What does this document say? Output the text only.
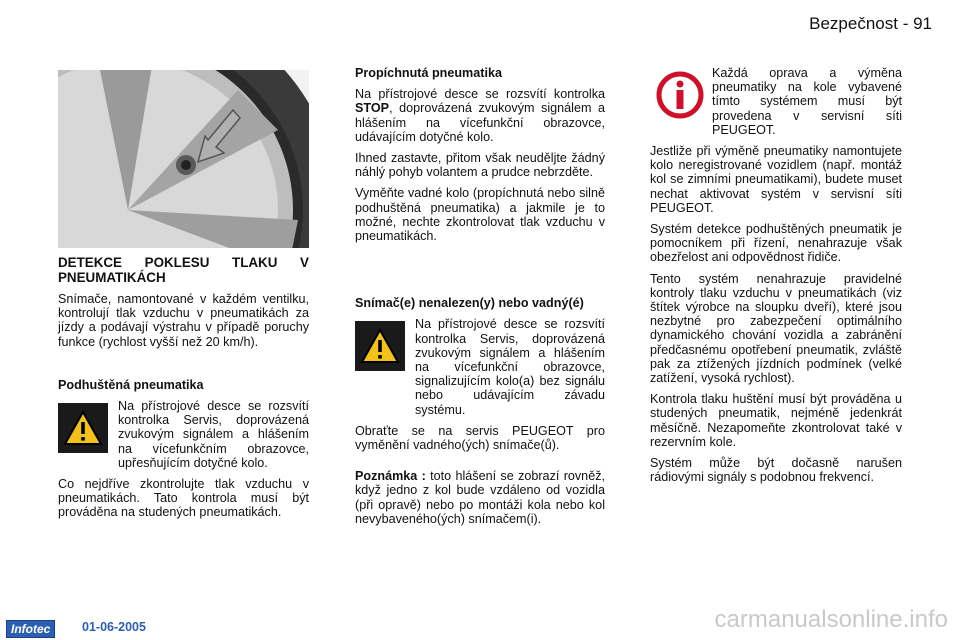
Bezpečnost - 91

DETEKCE POKLESU TLAKU V PNEUMATIKÁCH

Snímače, namontované v každém ventilku, kontrolují tlak vzduchu v pneumatikách za jízdy a podávají výstrahu v případě poruchy funkce (rychlost vyšší než 20 km/h).

Podhuštěná pneumatika

Na přístrojové desce se rozsvítí kontrolka Servis, doprovázená zvukovým signálem a hlášením na vícefunkčním obrazovce, upřesňujícím dotyčné kolo.

Co nejdříve zkontrolujte tlak vzduchu v pneumatikách. Tato kontrola musí být prováděna na studených pneumatikách.

Propíchnutá pneumatika

Na přístrojové desce se rozsvítí kontrolka STOP, doprovázená zvukovým signálem a hlášením na vícefunkční obrazovce, udávajícím dotyčné kolo.

Ihned zastavte, přitom však neuděljte žádný náhlý pohyb volantem a prudce nebrzděte.

Vyměňte vadné kolo (propíchnutá nebo silně podhuštěná pneumatika) a jakmile je to možné, nechte zkontrolovat tlak vzduchu v pneumatikách.

Snímač(e) nenalezen(y) nebo vadný(é)

Na přístrojové desce se rozsvítí kontrolka Servis, doprovázená zvukovým signálem a hlášením na vícefunkční obrazovce, signalizujícím kolo(a) bez signálu nebo udávajícím závadu systému.

Obraťte se na servis PEUGEOT pro vyměnění vadného(ých) snímače(ů).

Poznámka : toto hlášení se zobrazí rovněž, když jedno z kol bude vzdáleno od vozidla (při opravě) nebo po montáži kola nebo kol nevybaveného(ých) snímačem(i).

Každá oprava a výměna pneumatiky na kole vybavené tímto systémem musí být provedena v servisní síti PEUGEOT.

Jestliže při výměně pneumatiky namontujete kolo neregistrované vozidlem (např. montáž kol se zimními pneumatikami), budete muset nechat aktivovat systém v servisní síti PEUGEOT.

Systém detekce podhuštěných pneumatik je pomocníkem při řízení, nenahrazuje však obezřelost ani odpovědnost řidiče.

Tento systém nenahrazuje pravidelné kontroly tlaku vzduchu v pneumatikách (viz štítek výrobce na sloupku dveří), které jsou nezbytné pro zabezpečení optimálního dynamického chování vozidla a zabránění předčasnému opotřebení pneumatik, zvláště pak za ztížených jízdních podmínek (velké zatížení, vysoká rychlost).

Kontrola tlaku huštění musí být prováděna u studených pneumatik, nejméně jedenkrát měsíčně. Nezapomeňte zkontrolovat také v rezervním kole.

Systém může být dočasně narušen rádiovými signály s podobnou frekvencí.

Infotec	01-06-2005	carmanualsonline.info
